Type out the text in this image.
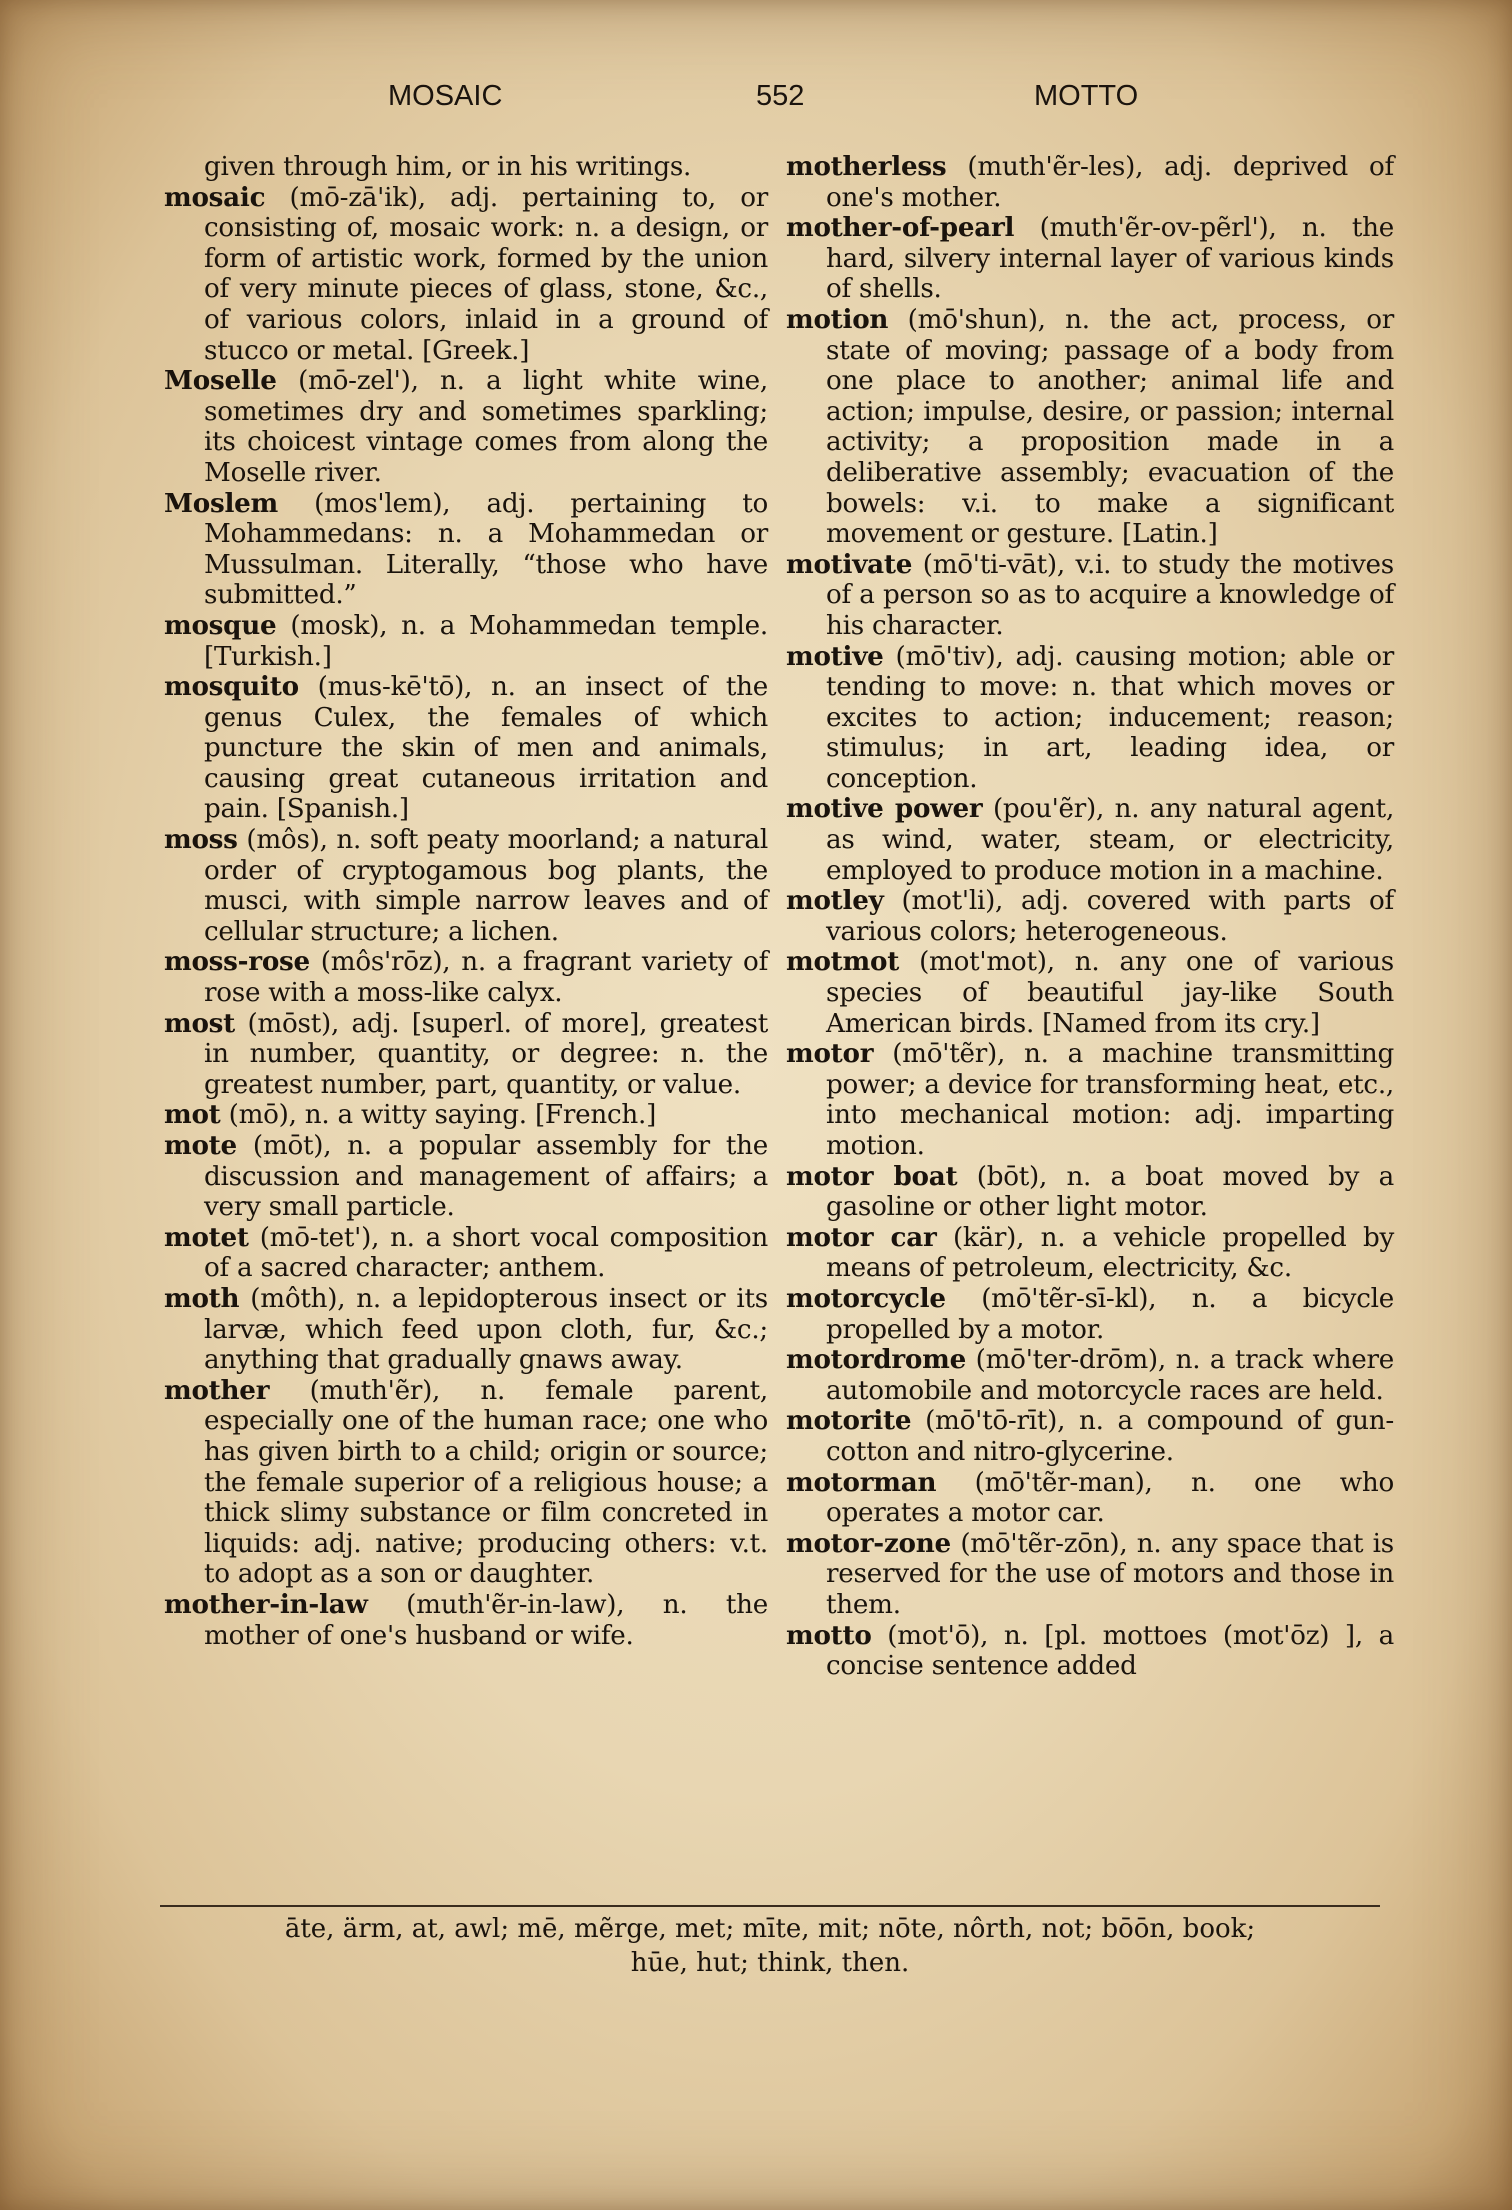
MOSAIC	552	MOTTO

given through him, or in his writings.

mosaic (mō-zā'ik), adj. pertaining to, or consisting of, mosaic work: n. a design, or form of artistic work, formed by the union of very minute pieces of glass, stone, &c., of various colors, inlaid in a ground of stucco or metal. [Greek.]

Moselle (mō-zel'), n. a light white wine, sometimes dry and sometimes sparkling; its choicest vintage comes from along the Moselle river.

Moslem (mos'lem), adj. pertaining to Mohammedans: n. a Mohammedan or Mussulman. Literally, “those who have submitted.”

mosque (mosk), n. a Mohammedan temple. [Turkish.]

mosquito (mus-kē'tō), n. an insect of the genus Culex, the females of which puncture the skin of men and animals, causing great cutaneous irritation and pain. [Spanish.]

moss (môs), n. soft peaty moorland; a natural order of cryptogamous bog plants, the musci, with simple narrow leaves and of cellular structure; a lichen.

moss-rose (môs'rōz), n. a fragrant variety of rose with a moss-like calyx.

most (mōst), adj. [superl. of more], greatest in number, quantity, or degree: n. the greatest number, part, quantity, or value.

mot (mō), n. a witty saying. [French.]

mote (mōt), n. a popular assembly for the discussion and management of affairs; a very small particle.

motet (mō-tet'), n. a short vocal composition of a sacred character; anthem.

moth (môth), n. a lepidopterous insect or its larvæ, which feed upon cloth, fur, &c.; anything that gradually gnaws away.

mother (muth'ẽr), n. female parent, especially one of the human race; one who has given birth to a child; origin or source; the female superior of a religious house; a thick slimy substance or film concreted in liquids: adj. native; producing others: v.t. to adopt as a son or daughter.

mother-in-law (muth'ẽr-in-law), n. the mother of one's husband or wife.

motherless (muth'ẽr-les), adj. deprived of one's mother.

mother-of-pearl (muth'ẽr-ov-pẽrl'), n. the hard, silvery internal layer of various kinds of shells.

motion (mō'shun), n. the act, process, or state of moving; passage of a body from one place to another; animal life and action; impulse, desire, or passion; internal activity; a proposition made in a deliberative assembly; evacuation of the bowels: v.i. to make a significant movement or gesture. [Latin.]

motivate (mō'ti-vāt), v.i. to study the motives of a person so as to acquire a knowledge of his character.

motive (mō'tiv), adj. causing motion; able or tending to move: n. that which moves or excites to action; inducement; reason; stimulus; in art, leading idea, or conception.

motive power (pou'ẽr), n. any natural agent, as wind, water, steam, or electricity, employed to produce motion in a machine.

motley (mot'li), adj. covered with parts of various colors; heterogeneous.

motmot (mot'mot), n. any one of various species of beautiful jay-like South American birds. [Named from its cry.]

motor (mō'tẽr), n. a machine transmitting power; a device for transforming heat, etc., into mechanical motion: adj. imparting motion.

motor boat (bōt), n. a boat moved by a gasoline or other light motor.

motor car (kär), n. a vehicle propelled by means of petroleum, electricity, &c.

motorcycle (mō'tẽr-sī-kl), n. a bicycle propelled by a motor.

motordrome (mō'ter-drōm), n. a track where automobile and motorcycle races are held.

motorite (mō'tō-rīt), n. a compound of gun-cotton and nitro-glycerine.

motorman (mō'tẽr-man), n. one who operates a motor car.

motor-zone (mō'tẽr-zōn), n. any space that is reserved for the use of motors and those in them.

motto (mot'ō), n. [pl. mottoes (mot'ōz) ], a concise sentence added

āte, ärm, at, awl; mē, mẽrge, met; mīte, mit; nōte, nôrth, not; bōōn, book;
hūe, hut; think, then.
